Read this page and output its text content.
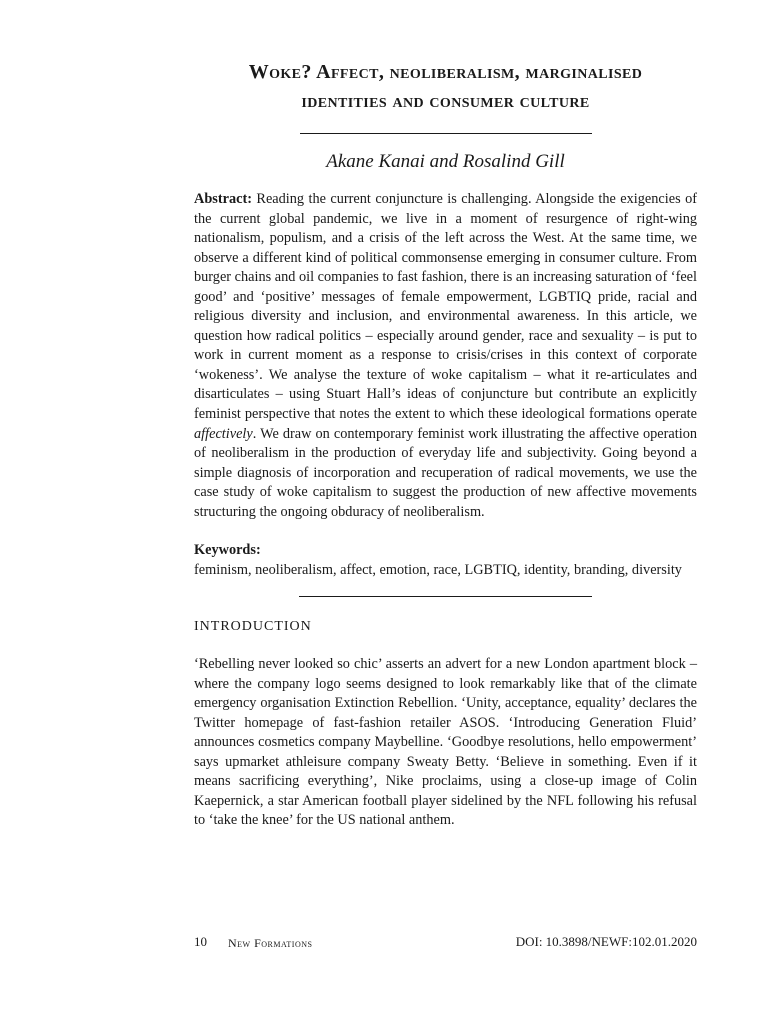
Woke? Affect, neoliberalism, marginalised
identities and consumer culture
Akane Kanai and Rosalind Gill

Abstract: Reading the current conjuncture is challenging. Alongside the exigencies of the current global pandemic, we live in a moment of resurgence of right-wing nationalism, populism, and a crisis of the left across the West. At the same time, we observe a different kind of political commonsense emerging in consumer culture. From burger chains and oil companies to fast fashion, there is an increasing saturation of ‘feel good’ and ‘positive’ messages of female empowerment, LGBTIQ pride, racial and religious diversity and inclusion, and environmental awareness. In this article, we question how radical politics – especially around gender, race and sexuality – is put to work in current moment as a response to crisis/crises in this context of corporate ‘wokeness’. We analyse the texture of woke capitalism – what it re-articulates and disarticulates – using Stuart Hall’s ideas of conjuncture but contribute an explicitly feminist perspective that notes the extent to which these ideological formations operate affectively. We draw on contemporary feminist work illustrating the affective operation of neoliberalism in the production of everyday life and subjectivity. Going beyond a simple diagnosis of incorporation and recuperation of radical movements, we use the case study of woke capitalism to suggest the production of new affective movements structuring the ongoing obduracy of neoliberalism.

Keywords:
feminism, neoliberalism, affect, emotion, race, LGBTIQ, identity, branding, diversity
INTRODUCTION

‘Rebelling never looked so chic’ asserts an advert for a new London apartment block – where the company logo seems designed to look remarkably like that of the climate emergency organisation Extinction Rebellion. ‘Unity, acceptance, equality’ declares the Twitter homepage of fast-fashion retailer ASOS. ‘Introducing Generation Fluid’ announces cosmetics company Maybelline. ‘Goodbye resolutions, hello empowerment’ says upmarket athleisure company Sweaty Betty. ‘Believe in something. Even if it means sacrificing everything’, Nike proclaims, using a close-up image of Colin Kaepernick, a star American football player sidelined by the NFL following his refusal to ‘take the knee’ for the US national anthem.

10 New Formations	DOI: 10.3898/NEWF:102.01.2020
